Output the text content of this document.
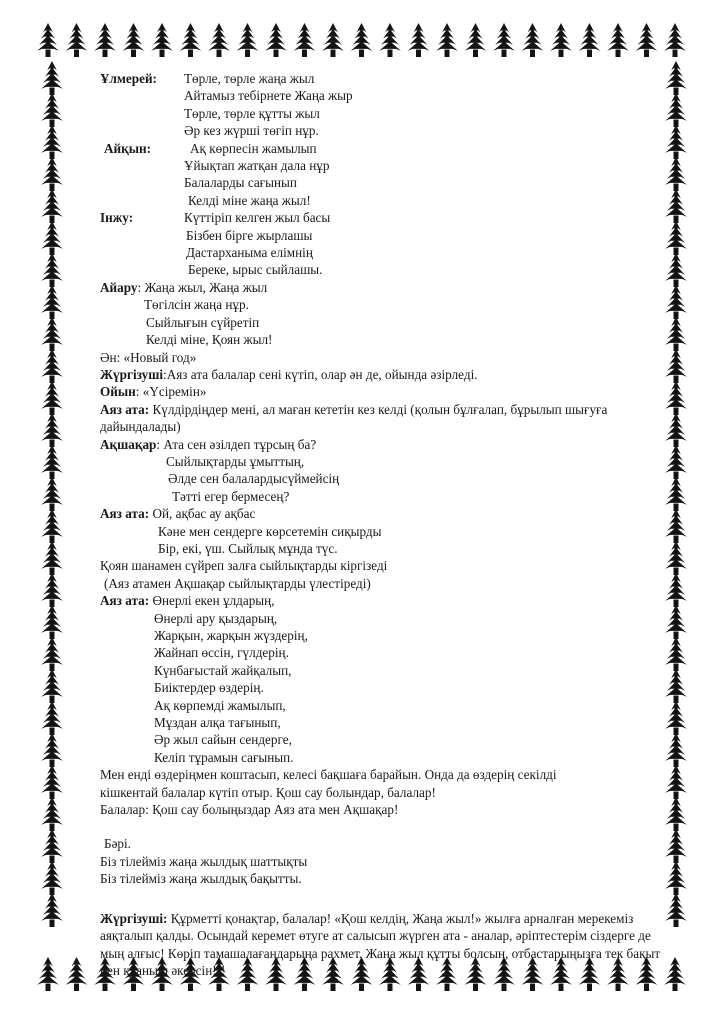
Ұлмерей: Төрле, төрле жаңа жыл
Айтамыз тебірнете Жаңа жыр
Төрле, төрле құтты жыл
Әр кез жүрші төгіп нұр.
Айқын:	Ақ көрпесін жамылып
Ұйықтап жатқан дала нұр
Балаларды сағынып
Келді міне жаңа жыл!
Інжу:	Күттіріп келген жыл басы
Бізбен бірге жырлашы
Дастарханыма елімнің
Береке, ырыс сыйлашы.
Айару: Жаңа жыл, Жаңа жыл
Төгілсін жаңа нұр.
Сыйлығын сүйретіп
Келді міне, Қоян жыл!
Ән: «Новый год»
Жүргізуші:Аяз ата балалар сені күтіп, олар ән де, ойында әзірледі.
Ойын: «Үсіремін»
Аяз ата: Күлдірдіңдер мені, ал маған кететін кез келді (қолын бұлғалап, бұрылып шығуға дайындалады)
Ақшақар: Ата сен әзілдеп тұрсың ба?
Сыйлықтарды ұмыттың,
Әлде сен балалардысүймейсің
Тәтті егер бермесең?
Аяз ата: Ой, ақбас ау ақбас
Кәне мен сендерге көрсетемін сиқырды
Бір, екі, үш. Сыйлық мұнда түс.
Қоян шанамен сүйреп залға сыйлықтарды кіргізеді
(Аяз атамен Ақшақар сыйлықтарды үлестіреді)
Аяз ата: Өнерлі екен ұлдарың,
Өнерлі ару қыздарың,
Жарқын, жарқын жүздерің,
Жайнап өссін, гүлдерің.
Күнбағыстай жайқалып,
Биіктердер өздерің.
Ақ көрпемді жамылып,
Мұздан алқа тағынып,
Әр жыл сайын сендерге,
Келіп тұрамын сағынып.
Мен енді өздеріңмен коштасып, келесі бақшаға барайын. Онда да өздерің секілді
кішкентай балалар күтіп отыр. Қош сау болындар, балалар!
Балалар: Қош сау болыңыздар Аяз ата мен Ақшақар!
Бәрі.
Біз тілейміз жаңа жылдық шаттықты
Біз тілейміз жаңа жылдық бақытты.
Жүргізуші: Құрметті қонақтар, балалар! «Қош келдің, Жаңа жыл!» жылға арналған мерекеміз аяқталып қалды. Осындай керемет өтуге ат салысып жүрген ата - аналар, әріптестерім сіздерге де мың алғыс! Көріп тамашалағандарыңа рахмет. Жаңа жыл құтты болсын, отбастарыңызға тек бақыт пен қуаныш әкелсін!!!
